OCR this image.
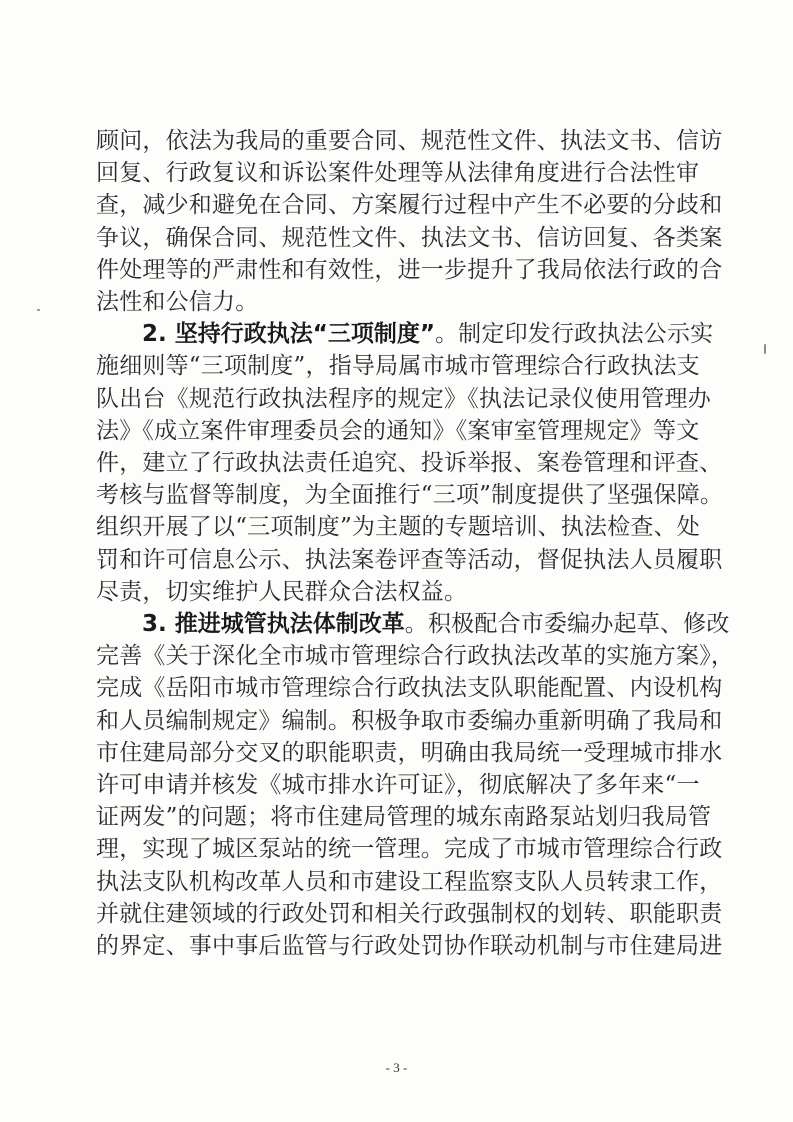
顾问，依法为我局的重要合同、规范性文件、执法文书、信访
回复、行政复议和诉讼案件处理等从法律角度进行合法性审
查，减少和避免在合同、方案履行过程中产生不必要的分歧和
争议，确保合同、规范性文件、执法文书、信访回复、各类案
件处理等的严肃性和有效性，进一步提升了我局依法行政的合
法性和公信力。
2. 坚持行政执法“三项制度”。制定印发行政执法公示实
施细则等“三项制度”，指导局属市城市管理综合行政执法支
队出台《规范行政执法程序的规定》《执法记录仪使用管理办
法》《成立案件审理委员会的通知》《案审室管理规定》等文
件，建立了行政执法责任追究、投诉举报、案卷管理和评查、
考核与监督等制度，为全面推行“三项”制度提供了坚强保障。
组织开展了以“三项制度”为主题的专题培训、执法检查、处
罚和许可信息公示、执法案卷评查等活动，督促执法人员履职
尽责，切实维护人民群众合法权益。
3. 推进城管执法体制改革。积极配合市委编办起草、修改
完善《关于深化全市城市管理综合行政执法改革的实施方案》，
完成《岳阳市城市管理综合行政执法支队职能配置、内设机构
和人员编制规定》编制。积极争取市委编办重新明确了我局和
市住建局部分交叉的职能职责，明确由我局统一受理城市排水
许可申请并核发《城市排水许可证》，彻底解决了多年来“一
证两发”的问题；将市住建局管理的城东南路泵站划归我局管
理，实现了城区泵站的统一管理。完成了市城市管理综合行政
执法支队机构改革人员和市建设工程监察支队人员转隶工作，
并就住建领域的行政处罚和相关行政强制权的划转、职能职责
的界定、事中事后监管与行政处罚协作联动机制与市住建局进
- 3 -
